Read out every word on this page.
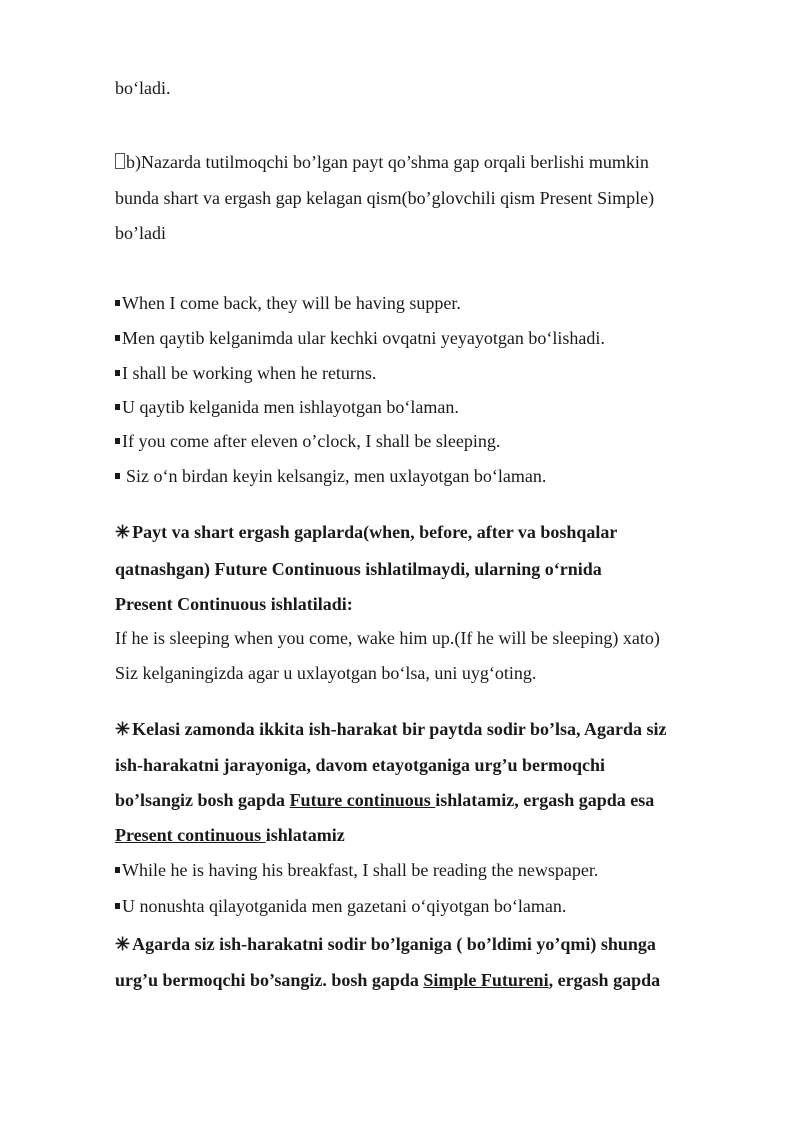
bo‘ladi.
b)Nazarda tutilmoqchi bo’lgan payt qo’shma gap orqali berlishi mumkin
bunda shart va ergash gap kelagan qism(bo’glovchili qism Present Simple)
bo’ladi
When I come back, they will be having supper.
Men qaytib kelganimda ular kechki ovqatni yeyayotgan bo‘lishadi.
I shall be working when he returns.
U qaytib kelganida men ishlayotgan bo‘laman.
If you come after eleven o’clock, I shall be sleeping.
Siz o‘n birdan keyin kelsangiz, men uxlayotgan bo‘laman.
✳ Payt va shart ergash gaplarda(when, before, after va boshqalar
qatnashgan) Future Continuous ishlatilmaydi, ularning o‘rnida
Present Continuous ishlatiladi:
If he is sleeping when you come, wake him up.(If he will be sleeping) xato)
Siz kelganingizda agar u uxlayotgan bo‘lsa, uni uyg‘oting.
✳ Kelasi zamonda ikkita ish-harakat bir paytda sodir bo’lsa, Agarda siz
ish-harakatni jarayoniga, davom etayotganiga urg’u bermoqchi
bo’lsangiz bosh gapda Future continuous ishlatamiz, ergash gapda esa
Present continuous ishlatamiz
While he is having his breakfast, I shall be reading the newspaper.
U nonushta qilayotganida men gazetani o‘qiyotgan bo‘laman.
✳ Agarda siz ish-harakatni sodir bo’lganiga ( bo’ldimi yo’qmi) shunga
urg’u bermoqchi bo’sangiz. bosh gapda Simple Futureni, ergash gapda
